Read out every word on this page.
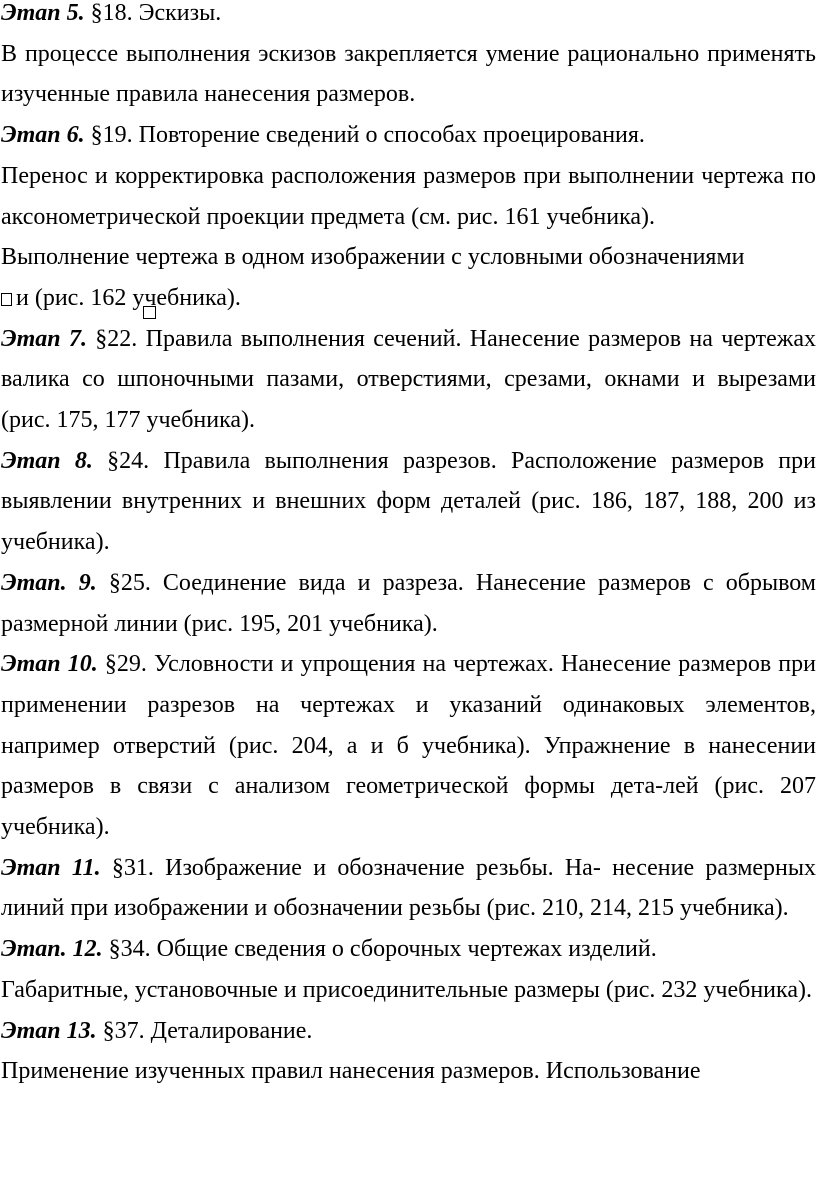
Этап 5. §18. Эскизы.

В процессе выполнения эскизов закрепляется умение рационально применять изученные правила нанесения размеров.

Этап 6. §19. Повторение сведений о способах проецирования.

Перенос и корректировка расположения размеров при выполнении чертежа по аксонометрической проекции предмета (см. рис. 161 учебника).

Выполнение чертежа в одном изображении с условными обозначениями

и (рис. 162 учебника).

Этап 7. §22. Правила выполнения сечений. Нанесение размеров на чертежах валика со шпоночными пазами, отверстиями, срезами, окнами и вырезами (рис. 175, 177 учебника).

Этап 8. §24. Правила выполнения разрезов. Расположение размеров при выявлении внутренних и внешних форм деталей (рис. 186, 187, 188, 200 из учебника).

Этап. 9. §25. Соединение вида и разреза. Нанесение размеров с обрывом размерной линии (рис. 195, 201 учебника).

Этап 10. §29. Условности и упрощения на чертежах. Нанесение размеров при применении разрезов на чертежах и указаний одинаковых элементов, например отверстий (рис. 204, а и б учебника). Упражнение в нанесении размеров в связи с анализом геометрической формы дета-лей (рис. 207 учебника).

Этап 11. §31. Изображение и обозначение резьбы. На- несение размерных линий при изображении и обозначении резьбы (рис. 210, 214, 215 учебника).

Этап. 12. §34. Общие сведения о сборочных чертежах изделий.

Габаритные, установочные и присоединительные размеры (рис. 232 учебника).

Этап 13. §37. Деталирование.

Применение изученных правил нанесения размеров. Использование
